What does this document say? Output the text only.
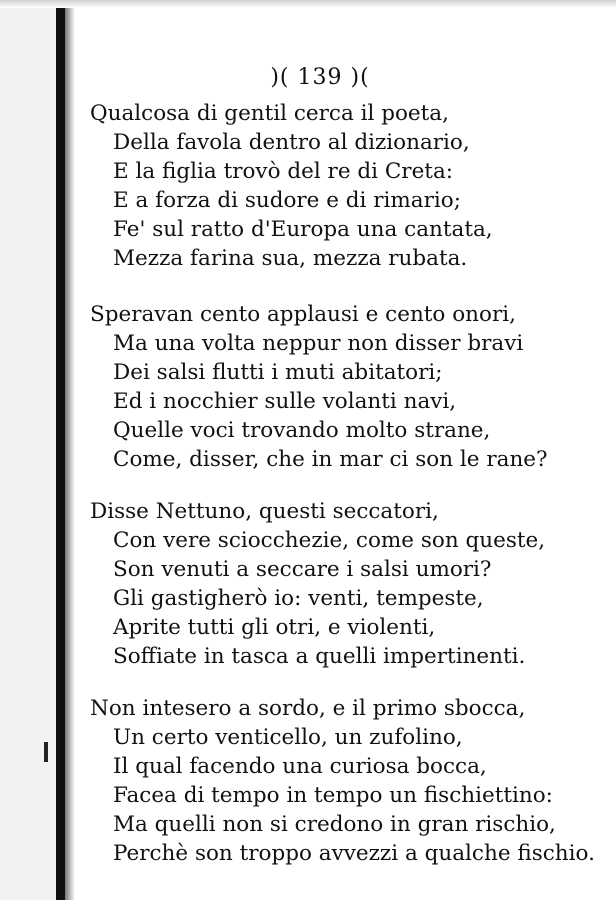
)( 139 )(
Qualcosa di gentil cerca il poeta,
Della favola dentro al dizionario,
E la figlia trovò del re di Creta:
E a forza di sudore e di rimario;
Fe' sul ratto d'Europa una cantata,
Mezza farina sua, mezza rubata.
Speravan cento applausi e cento onori,
Ma una volta neppur non disser bravi
Dei salsi flutti i muti abitatori;
Ed i nocchier sulle volanti navi,
Quelle voci trovando molto strane,
Come, disser, che in mar ci son le rane?
Disse Nettuno, questi seccatori,
Con vere sciocchezie, come son queste,
Son venuti a seccare i salsi umori?
Gli gastigherò io: venti, tempeste,
Aprite tutti gli otri, e violenti,
Soffiate in tasca a quelli impertinenti.
Non intesero a sordo, e il primo sbocca,
Un certo venticello, un zufolino,
Il qual facendo una curiosa bocca,
Facea di tempo in tempo un fischiettino:
Ma quelli non si credono in gran rischio,
Perchè son troppo avvezzi a qualche fischio.
